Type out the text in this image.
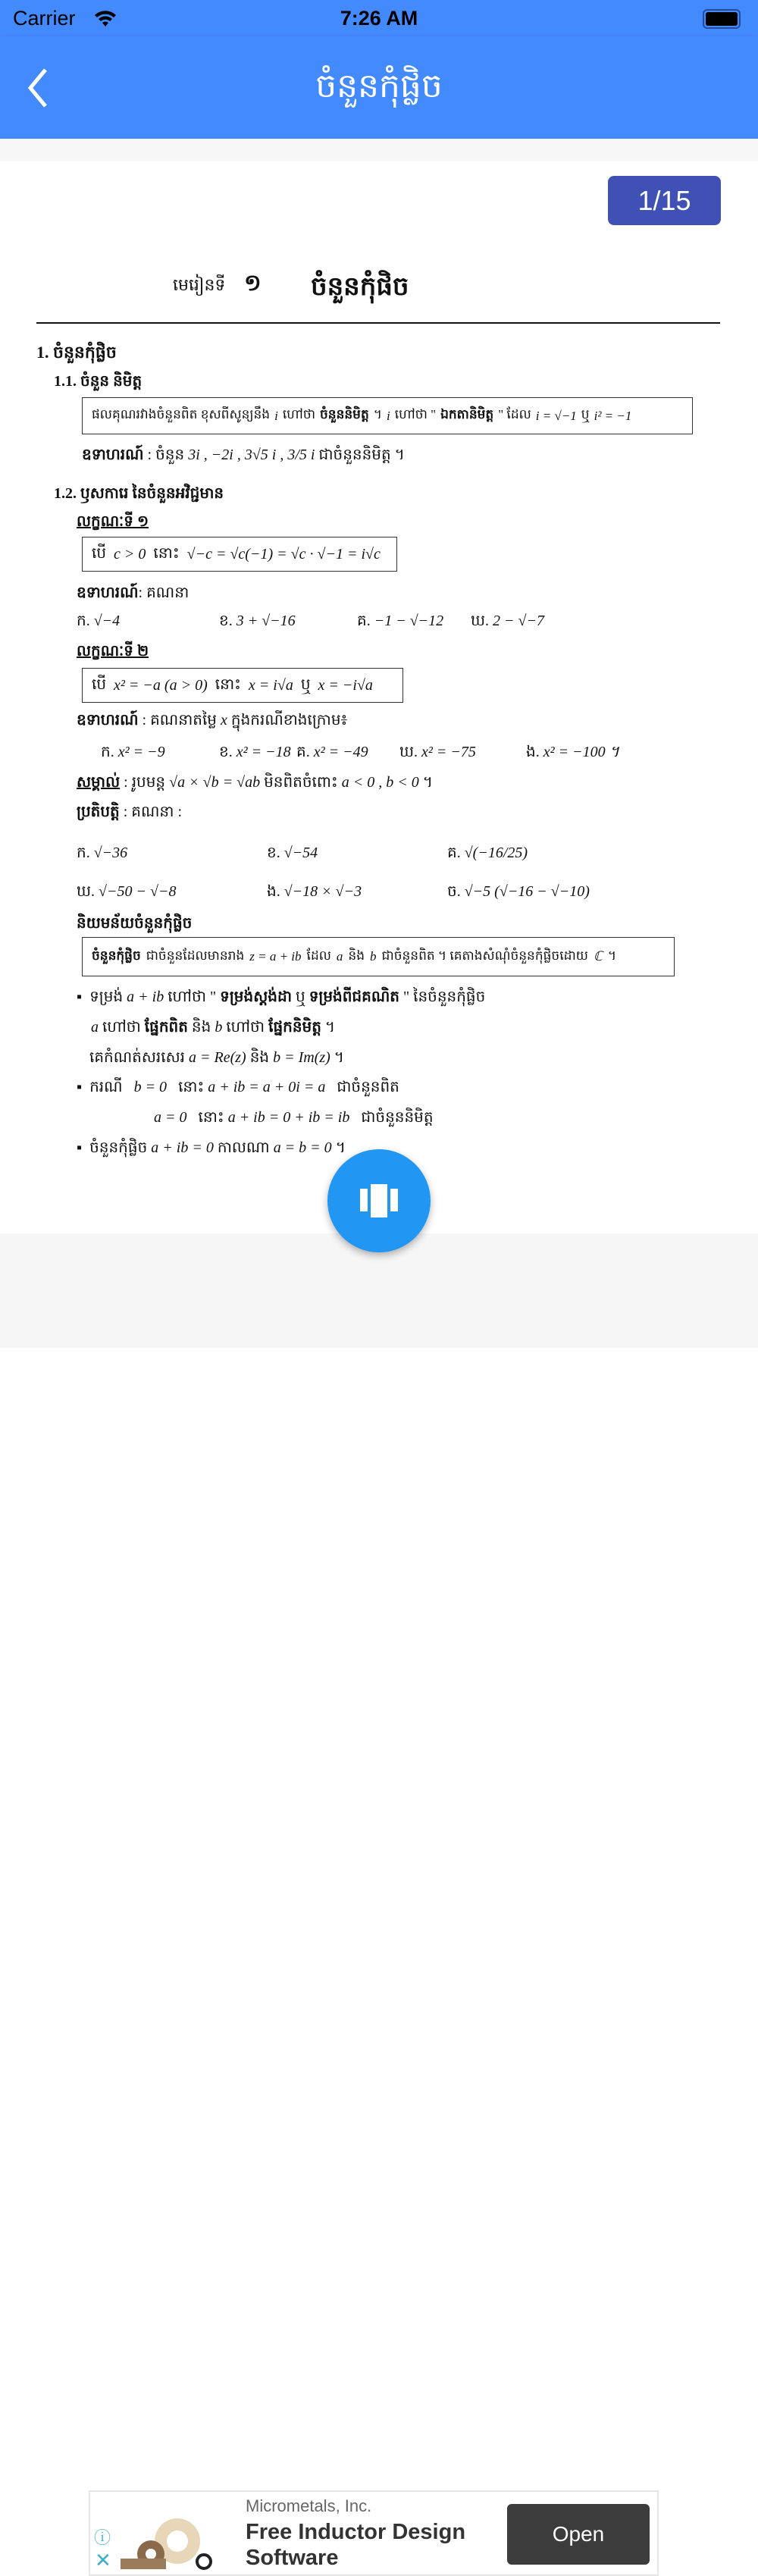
Carrier	7:26 AM
ចំនួនកុំផ្លិច
មេរៀនទី ១ ចំនួនកុំផិច
1. ចំនួនកុំផ្លិច
1.1. ចំនួន និមិត្ត
ផលគុណរវាងចំនួនពិត ខុសពីសូន្យនឹង i ហៅថា ចំនួននិមិត្ត ។ i ហៅថា " ឯកតានិមិត្ត " ដែល i = √−1 ឬ i² = −1
ឧទាហរណ៍ : ចំនួន 3i , −2i , 3√5 i , 3/5 i ជាចំនួននិមិត្ត ។
1.2. ឫសការេ នៃចំនួនអវិជ្ជមាន
លក្ខណៈទី ១
បើ c > 0 នោះ √−c = √c(−1) = √c · √−1 = i√c
ឧទាហរណ៍: គណនា
ក. √−4	ខ. 3 + √−16	គ. −1 − √−12 ឃ. 2 − √−7
លក្ខណៈទី ២
បើ x² = −a (a > 0) នោះ x = i√a ឬ x = −i√a
ឧទាហរណ៍ : គណនាតម្លៃ x ក្នុងករណីខាងក្រោម៖
ក. x² = −9	ខ. x² = −18 គ. x² = −49 ឃ. x² = −75	ង. x² = −100 ។
សម្គាល់ : រូបមន្ត √a × √b = √ab មិនពិតចំពោះ a < 0 , b < 0 ។
ប្រតិបត្តិ : គណនា :
ក. √−36	ខ. √−54	គ. √(−16/25)
ឃ. √−50 − √−8	ង. √−18 × √−3	ច. √−5 (√−16 − √−10)
និយមន័យចំនួនកុំផ្លិច
ចំនួនកុំផ្លិច ជាចំនួនដែលមានរាង z = a + ib ដែល a និង b ជាចំនួនពិត ។ គេតាងសំណុំចំនួនកុំផ្លិចដោយ ℂ ។
▪  ទម្រង់ a + ib ហៅថា " ទម្រង់ស្តង់ដា ឬ ទម្រង់ពីជគណិត " នៃចំនួនកុំផ្លិច
a ហៅថា ផ្នែកពិត និង b ហៅថា ផ្នែកនិមិត្ត ។
គេកំណត់សរសេរ a = Re(z) និង b = Im(z) ។
▪  ករណី b = 0 នោះ a + ib = a + 0i = a ជាចំនួនពិត
a = 0 នោះ a + ib = 0 + ib = ib ជាចំនួននិមិត្ត
▪  ចំនួនកុំផ្លិច a + ib = 0 កាលណា a = b = 0 ។
1/15
ⓘ
✕
Micrometals, Inc.
Free Inductor Design Software
Open
